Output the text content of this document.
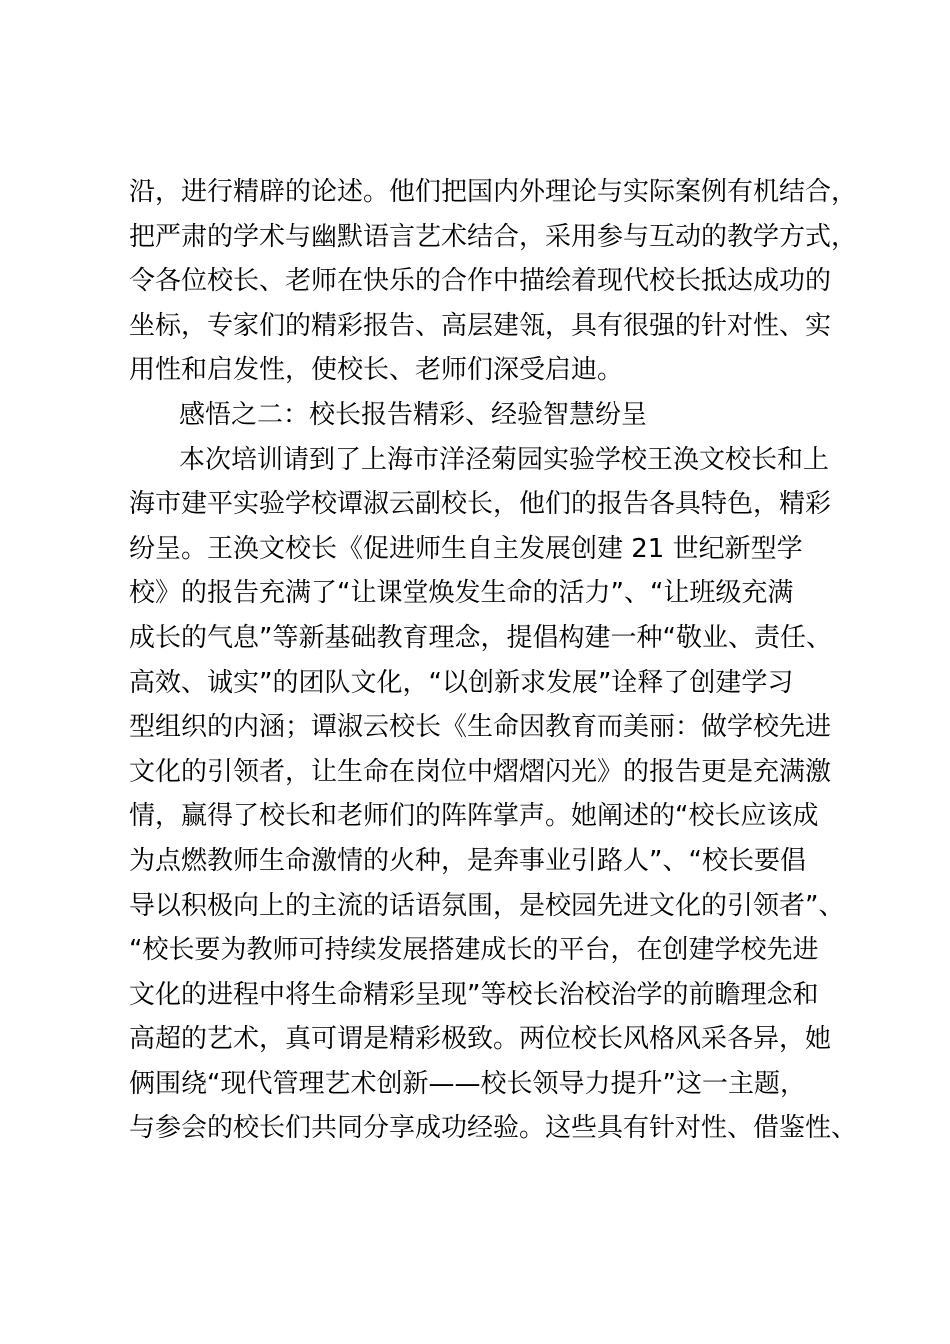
沿，进行精辟的论述。他们把国内外理论与实际案例有机结合，
把严肃的学术与幽默语言艺术结合，采用参与互动的教学方式，
令各位校长、老师在快乐的合作中描绘着现代校长抵达成功的
坐标，专家们的精彩报告、高层建瓴，具有很强的针对性、实
用性和启发性，使校长、老师们深受启迪。
感悟之二：校长报告精彩、经验智慧纷呈
本次培训请到了上海市洋泾菊园实验学校王涣文校长和上
海市建平实验学校谭淑云副校长，他们的报告各具特色，精彩
纷呈。王涣文校长《促进师生自主发展创建 21 世纪新型学
校》的报告充满了“让课堂焕发生命的活力”、“让班级充满
成长的气息”等新基础教育理念，提倡构建一种“敬业、责任、
高效、诚实”的团队文化，“以创新求发展”诠释了创建学习
型组织的内涵；谭淑云校长《生命因教育而美丽：做学校先进
文化的引领者，让生命在岗位中熠熠闪光》的报告更是充满激
情，赢得了校长和老师们的阵阵掌声。她阐述的“校长应该成
为点燃教师生命激情的火种，是奔事业引路人”、“校长要倡
导以积极向上的主流的话语氛围，是校园先进文化的引领者”、
“校长要为教师可持续发展搭建成长的平台，在创建学校先进
文化的进程中将生命精彩呈现”等校长治校治学的前瞻理念和
高超的艺术，真可谓是精彩极致。两位校长风格风采各异，她
俩围绕“现代管理艺术创新——校长领导力提升”这一主题，
与参会的校长们共同分享成功经验。这些具有针对性、借鉴性、
